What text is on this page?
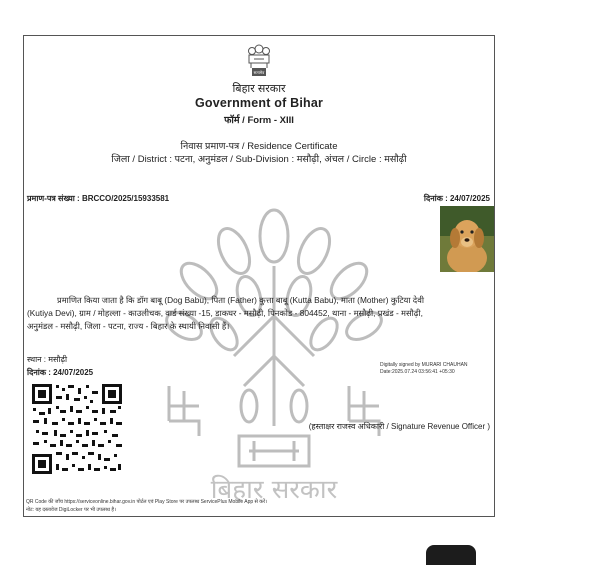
बिहार सरकार
सत्यमेव
बिहार सरकार
Government of Bihar
फॉर्म / Form - XIII
निवास प्रमाण-पत्र / Residence Certificate
जिला / District : पटना, अनुमंडल / Sub-Division : मसौढ़ी, अंचल / Circle : मसौढ़ी
प्रमाण-पत्र संख्या : BRCCO/2025/15933581	दिनांक : 24/07/2025
प्रमाणित किया जाता है कि डॉग बाबू (Dog Babu), पिता (Father) कुत्ता बाबू (Kutta Babu), माता (Mother) कुटिया देवी
(Kutiya Devi), ग्राम / मोहल्ला - काउलीचक, वार्ड संख्या -15, डाकघर - मसौढ़ी, पिनकोड - 804452, थाना - मसौढ़ी, प्रखंड - मसौढ़ी,
अनुमंडल - मसौढ़ी, जिला - पटना, राज्य - बिहार के स्थायी निवासी हैं।
स्थान : मसौढ़ी
दिनांक : 24/07/2025
Digitally signed by MURARI CHAUHAN
Date:2025.07.24 03:56:41 +05:30
(हस्ताक्षर राजस्व अधिकारी / Signature Revenue Officer )
QR Code की जाँच https://serviceonline.bihar.gov.in पोर्टल एवं Play Store पर उपलब्ध ServicePlus Mobile App से करें।
नोट: यह दस्तावेज DigiLocker पर भी उपलब्ध है।
